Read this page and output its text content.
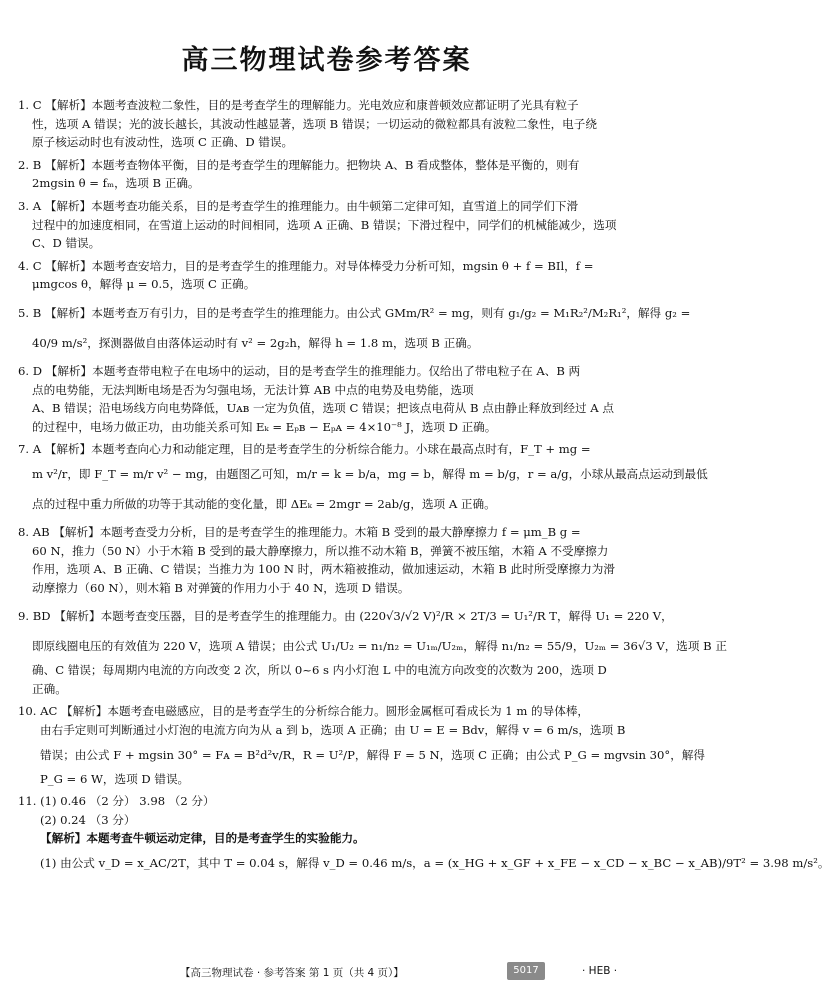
高三物理试卷参考答案
1. C 【解析】本题考查波粒二象性，目的是考查学生的理解能力。光电效应和康普顿效应都证明了光具有粒子
性，选项 A 错误；光的波长越长，其波动性越显著，选项 B 错误；一切运动的微粒都具有波粒二象性，电子绕
原子核运动时也有波动性，选项 C 正确、D 错误。
2. B 【解析】本题考查物体平衡，目的是考查学生的理解能力。把物块 A、B 看成整体，整体是平衡的，则有
2mgsin θ = fₘ，选项 B 正确。
3. A 【解析】本题考查功能关系，目的是考查学生的推理能力。由牛顿第二定律可知，直雪道上的同学们下滑
过程中的加速度相同，在雪道上运动的时间相同，选项 A 正确、B 错误；下滑过程中，同学们的机械能减少，选项
C、D 错误。
4. C 【解析】本题考查安培力，目的是考查学生的推理能力。对导体棒受力分析可知，mgsin θ + f = BIl，f =
μmgcos θ，解得 μ = 0.5，选项 C 正确。
5. B 【解析】本题考查万有引力，目的是考查学生的推理能力。由公式 GMm/R² = mg，则有 g₁/g₂ = M₁R₂²/M₂R₁²，解得 g₂ =
40/9 m/s²，探测器做自由落体运动时有 v² = 2g₂h，解得 h = 1.8 m，选项 B 正确。
6. D 【解析】本题考查带电粒子在电场中的运动，目的是考查学生的推理能力。仅给出了带电粒子在 A、B 两
点的电势能，无法判断电场是否为匀强电场，无法计算 AB 中点的电势及电势能，选项
A、B 错误；沿电场线方向电势降低，Uᴀʙ 一定为负值，选项 C 错误；把该点电荷从 B 点由静止释放到经过 A 点
的过程中，电场力做正功，由功能关系可知 Eₖ = Eₚʙ − Eₚᴀ = 4×10⁻⁸ J，选项 D 正确。
7. A 【解析】本题考查向心力和动能定理，目的是考查学生的分析综合能力。小球在最高点时有，F_T + mg =
m v²/r，即 F_T = m/r v² − mg，由题图乙可知，m/r = k = b/a，mg = b，解得 m = b/g，r = a/g，小球从最高点运动到最低
点的过程中重力所做的功等于其动能的变化量，即 ΔEₖ = 2mgr = 2ab/g，选项 A 正确。
8. AB 【解析】本题考查受力分析，目的是考查学生的推理能力。木箱 B 受到的最大静摩擦力 f = μm_B g =
60 N，推力（50 N）小于木箱 B 受到的最大静摩擦力，所以推不动木箱 B，弹簧不被压缩，木箱 A 不受摩擦力
作用，选项 A、B 正确、C 错误；当推力为 100 N 时，两木箱被推动，做加速运动，木箱 B 此时所受摩擦力为滑
动摩擦力（60 N），则木箱 B 对弹簧的作用力小于 40 N，选项 D 错误。
9. BD 【解析】本题考查变压器，目的是考查学生的推理能力。由 (220√3/√2 V)²/R × 2T/3 = U₁²/R T，解得 U₁ = 220 V，
即原线圈电压的有效值为 220 V，选项 A 错误；由公式 U₁/U₂ = n₁/n₂ = U₁ₘ/U₂ₘ，解得 n₁/n₂ = 55/9，U₂ₘ = 36√3 V，选项 B 正
确、C 错误；每周期内电流的方向改变 2 次，所以 0~6 s 内小灯泡 L 中的电流方向改变的次数为 200，选项 D
正确。
10. AC 【解析】本题考查电磁感应，目的是考查学生的分析综合能力。圆形金属框可看成长为 1 m 的导体棒，
由右手定则可判断通过小灯泡的电流方向为从 a 到 b，选项 A 正确；由 U = E = Bdv，解得 v = 6 m/s，选项 B
错误；由公式 F + mgsin 30° = Fᴀ = B²d²v/R，R = U²/P，解得 F = 5 N，选项 C 正确；由公式 P_G = mgvsin 30°，解得
P_G = 6 W，选项 D 错误。
11. (1) 0.46 （2 分） 3.98 （2 分）
(2) 0.24 （3 分）
【解析】本题考查牛顿运动定律，目的是考查学生的实验能力。
(1) 由公式 v_D = x_AC/2T，其中 T = 0.04 s，解得 v_D = 0.46 m/s，a = (x_HG + x_GF + x_FE − x_CD − x_BC − x_AB)/9T² = 3.98 m/s²。
【高三物理试卷 · 参考答案 第 1 页（共 4 页）】	5017	· HEB ·
